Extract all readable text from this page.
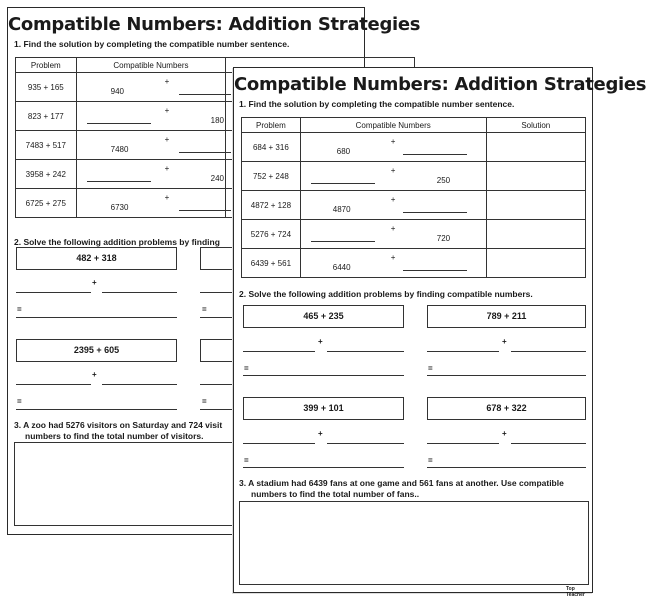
Compatible Numbers: Addition Strategies
1. Find the solution by completing the compatible number sentence.
Problem	Compatible Numbers	
935 + 165	940
+	

823 + 177	+
180	

7483 + 517	7480
+	

3958 + 242	+
240	

6725 + 275	6730
+	

2. Solve the following addition problems by finding
482 + 318
+
=	=
2395 + 605
+
=	=
3. A zoo had 5276 visitors on Saturday and 724 visit
numbers to find the total number of visitors.
Compatible Numbers: Addition Strategies
1. Find the solution by completing the compatible number sentence.
Problem	Compatible Numbers	Solution
684 + 316	680
+	

752 + 248	+
250	

4872 + 128	4870
+	

5276 + 724	+
720	

6439 + 561	6440
+	

2. Solve the following addition problems by finding compatible numbers.
465 + 235	789 + 211
+	+
=	=
399 + 101	678 + 322
+	+
=	=
3. A stadium had 6439 fans at one game and 561 fans at another. Use compatible
numbers to find the total number of fans..
Top Teacher
